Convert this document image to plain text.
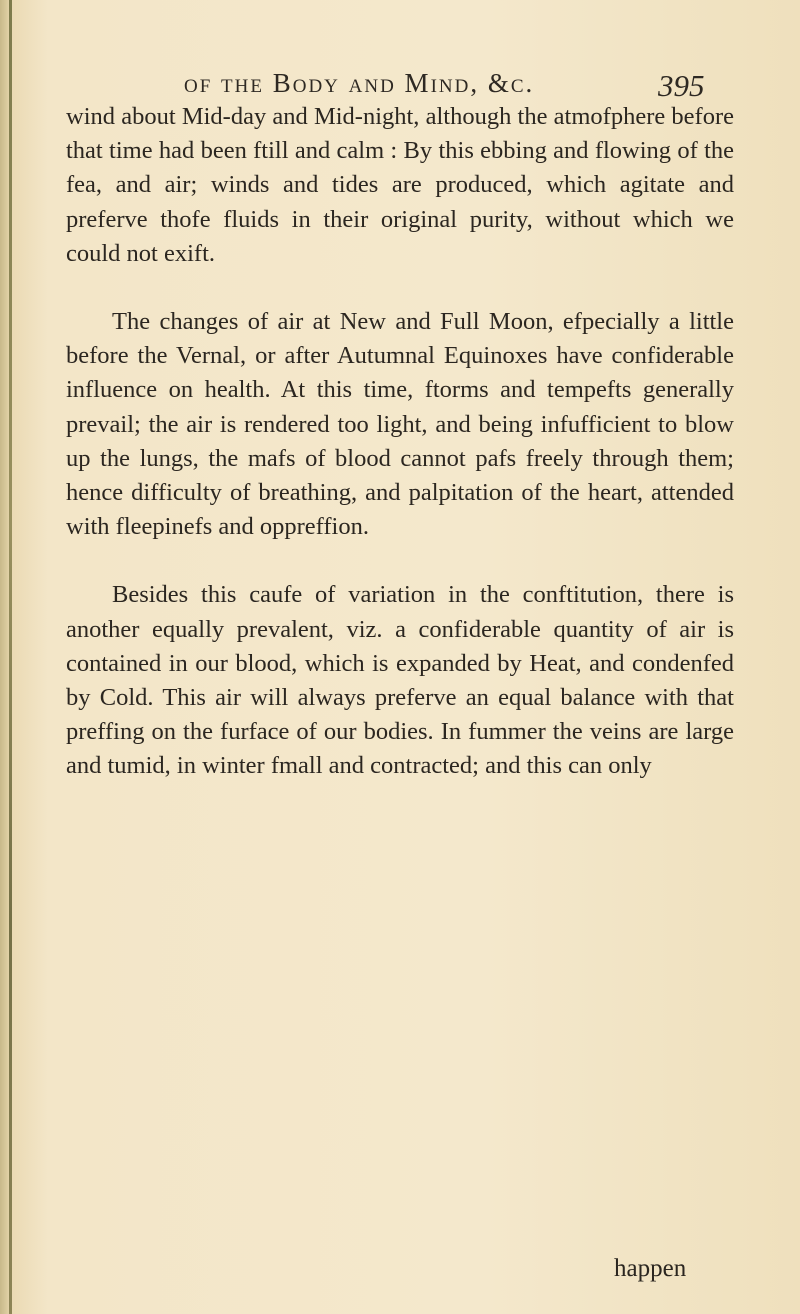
of the Body and Mind, &c.	395

wind about Mid-day and Mid-night, although the atmofphere before that time had been ftill and calm : By this ebbing and flowing of the fea, and air; winds and tides are produced, which agitate and preferve thofe fluids in their original purity, without which we could not exift.

The changes of air at New and Full Moon, efpecially a little before the Vernal, or after Autumnal Equinoxes have confiderable influence on health. At this time, ftorms and tempefts generally prevail; the air is rendered too light, and being infufficient to blow up the lungs, the mafs of blood cannot pafs freely through them; hence difficulty of breathing, and palpitation of the heart, attended with fleepinefs and oppreffion.

Besides this caufe of variation in the conftitution, there is another equally prevalent, viz. a confiderable quantity of air is contained in our blood, which is expanded by Heat, and condenfed by Cold. This air will always preferve an equal balance with that preffing on the furface of our bodies. In fummer the veins are large and tumid, in winter fmall and contracted; and this can only

happen
